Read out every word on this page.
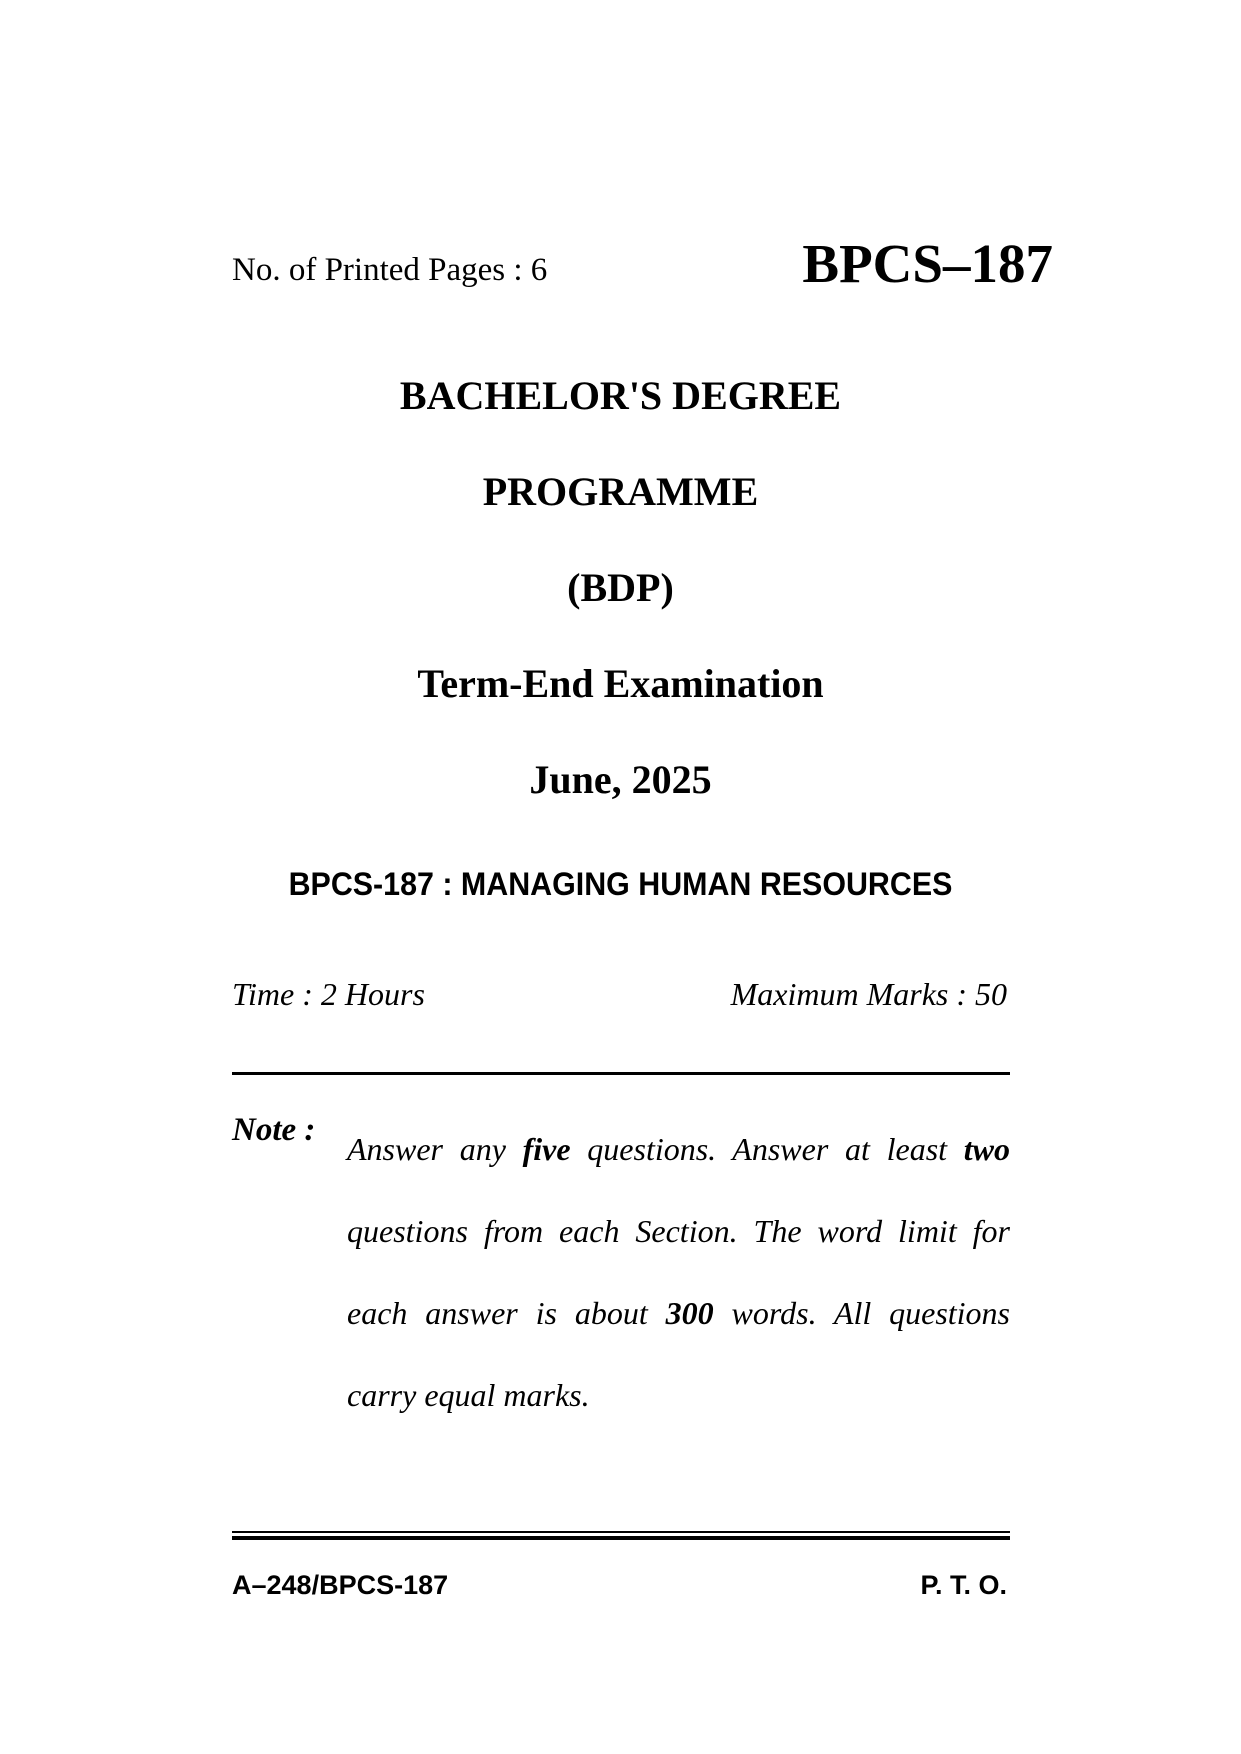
No. of Printed Pages : 6	BPCS–187
BACHELOR'S DEGREE
PROGRAMME
(BDP)
Term-End Examination
June, 2025
BPCS-187 : MANAGING HUMAN RESOURCES
Time : 2 Hours	Maximum Marks : 50
Note :
Answer any five questions. Answer at least two questions from each Section. The word limit for each answer is about 300 words. All questions carry equal marks.
A–248/BPCS-187	P. T. O.
